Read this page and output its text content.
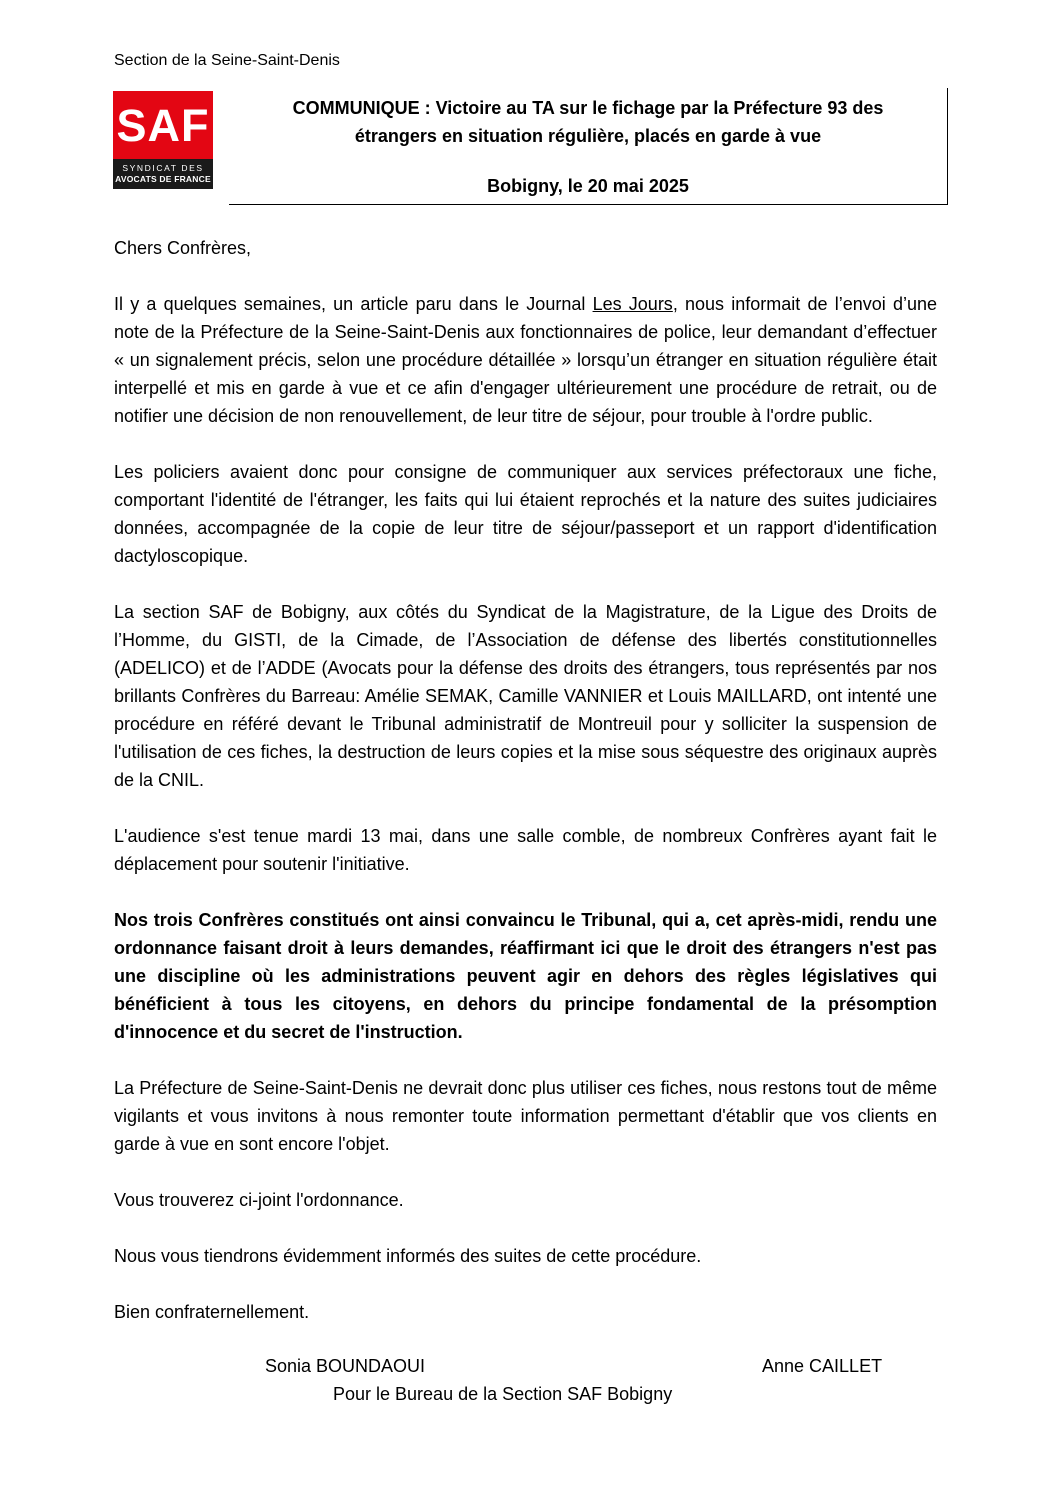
Section de la Seine-Saint-Denis
SAF
SYNDICAT DES
AVOCATS DE FRANCE
COMMUNIQUE : Victoire au TA sur le fichage par la Préfecture 93 des
étrangers en situation régulière, placés en garde à vue
Bobigny, le 20 mai 2025
Chers Confrères,

Il y a quelques semaines, un article paru dans le Journal Les Jours, nous informait de l’envoi d’une note de la Préfecture de la Seine-Saint-Denis aux fonctionnaires de police, leur demandant d’effectuer « un signalement précis, selon une procédure détaillée » lorsqu’un étranger en situation régulière était interpellé et mis en garde à vue et ce afin d'engager ultérieurement une procédure de retrait, ou de notifier une décision de non renouvellement, de leur titre de séjour, pour trouble à l'ordre public.

Les policiers avaient donc pour consigne de communiquer aux services préfectoraux une fiche, comportant l'identité de l'étranger, les faits qui lui étaient reprochés et la nature des suites judiciaires données, accompagnée de la copie de leur titre de séjour/passeport et un rapport d'identification dactyloscopique.

La section SAF de Bobigny, aux côtés du Syndicat de la Magistrature, de la Ligue des Droits de l’Homme, du GISTI, de la Cimade, de l’Association de défense des libertés constitutionnelles (ADELICO) et de l’ADDE (Avocats pour la défense des droits des étrangers, tous représentés par nos brillants Confrères du Barreau: Amélie SEMAK, Camille VANNIER et Louis MAILLARD, ont intenté une procédure en référé devant le Tribunal administratif de Montreuil pour y solliciter la suspension de l'utilisation de ces fiches, la destruction de leurs copies et la mise sous séquestre des originaux auprès de la CNIL.

L'audience s'est tenue mardi 13 mai, dans une salle comble, de nombreux Confrères ayant fait le déplacement pour soutenir l'initiative.

Nos trois Confrères constitués ont ainsi convaincu le Tribunal, qui a, cet après-midi, rendu une ordonnance faisant droit à leurs demandes, réaffirmant ici que le droit des étrangers n'est pas une discipline où les administrations peuvent agir en dehors des règles législatives qui bénéficient à tous les citoyens, en dehors du principe fondamental de la présomption d'innocence et du secret de l'instruction.

La Préfecture de Seine-Saint-Denis ne devrait donc plus utiliser ces fiches, nous restons tout de même vigilants et vous invitons à nous remonter toute information permettant d'établir que vos clients en garde à vue en sont encore l'objet.

Vous trouverez ci-joint l'ordonnance.

Nous vous tiendrons évidemment informés des suites de cette procédure.

Bien confraternellement.

Sonia BOUNDAOUI	Anne CAILLET
Pour le Bureau de la Section SAF Bobigny
